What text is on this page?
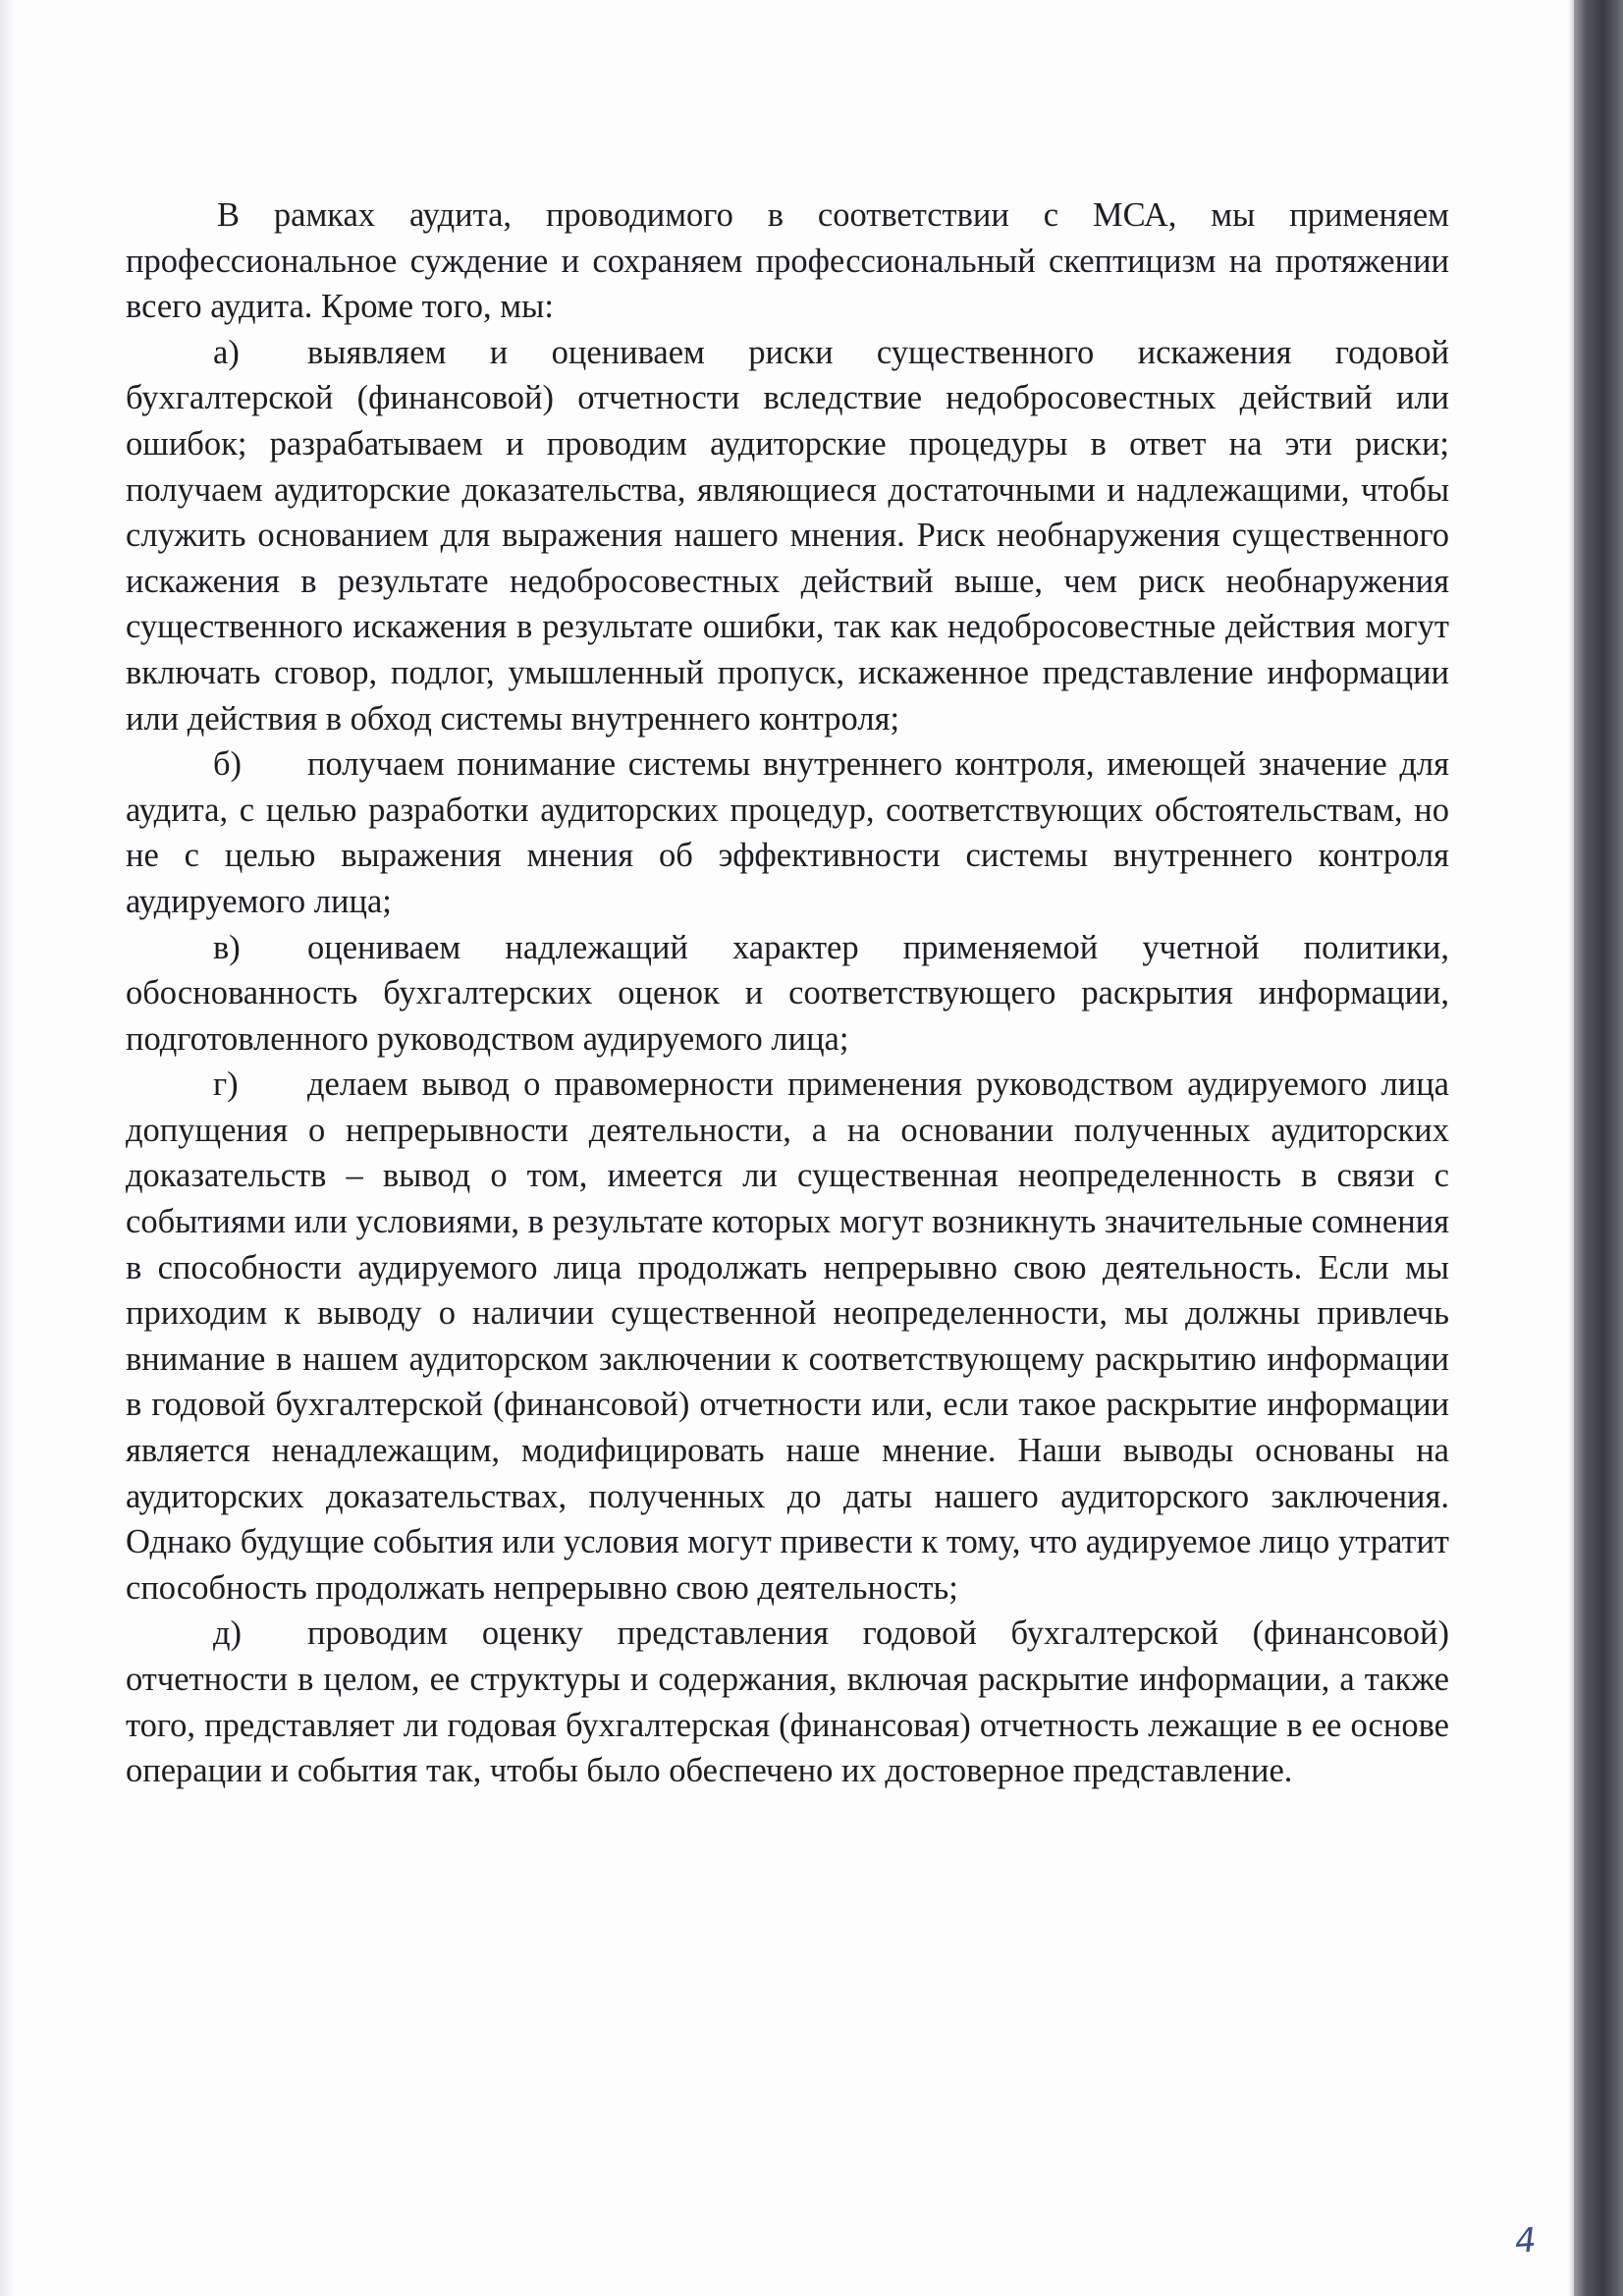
В рамках аудита, проводимого в соответствии с МСА, мы применяем профессиональное суждение и сохраняем профессиональный скептицизм на протяжении всего аудита. Кроме того, мы:

а) выявляем и оцениваем риски существенного искажения годовой бухгалтерской (финансовой) отчетности вследствие недобросовестных действий или ошибок; разрабатываем и проводим аудиторские процедуры в ответ на эти риски; получаем аудиторские доказательства, являющиеся достаточными и надлежащими, чтобы служить основанием для выражения нашего мнения. Риск необнаружения существенного искажения в результате недобросовестных действий выше, чем риск необнаружения существенного искажения в результате ошибки, так как недобросовестные действия могут включать сговор, подлог, умышленный пропуск, искаженное представление информации или действия в обход системы внутреннего контроля;

б) получаем понимание системы внутреннего контроля, имеющей значение для аудита, с целью разработки аудиторских процедур, соответствующих обстоятельствам, но не с целью выражения мнения об эффективности системы внутреннего контроля аудируемого лица;

в) оцениваем надлежащий характер применяемой учетной политики, обоснованность бухгалтерских оценок и соответствующего раскрытия информации, подготовленного руководством аудируемого лица;

г) делаем вывод о правомерности применения руководством аудируемого лица допущения о непрерывности деятельности, а на основании полученных аудиторских доказательств – вывод о том, имеется ли существенная неопределенность в связи с событиями или условиями, в результате которых могут возникнуть значительные сомнения в способности аудируемого лица продолжать непрерывно свою деятельность. Если мы приходим к выводу о наличии существенной неопределенности, мы должны привлечь внимание в нашем аудиторском заключении к соответствующему раскрытию информации в годовой бухгалтерской (финансовой) отчетности или, если такое раскрытие информации является ненадлежащим, модифицировать наше мнение. Наши выводы основаны на аудиторских доказательствах, полученных до даты нашего аудиторского заключения. Однако будущие события или условия могут привести к тому, что аудируемое лицо утратит способность продолжать непрерывно свою деятельность;

д) проводим оценку представления годовой бухгалтерской (финансовой) отчетности в целом, ее структуры и содержания, включая раскрытие информации, а также того, представляет ли годовая бухгалтерская (финансовая) отчетность лежащие в ее основе операции и события так, чтобы было обеспечено их достоверное представление.

4
